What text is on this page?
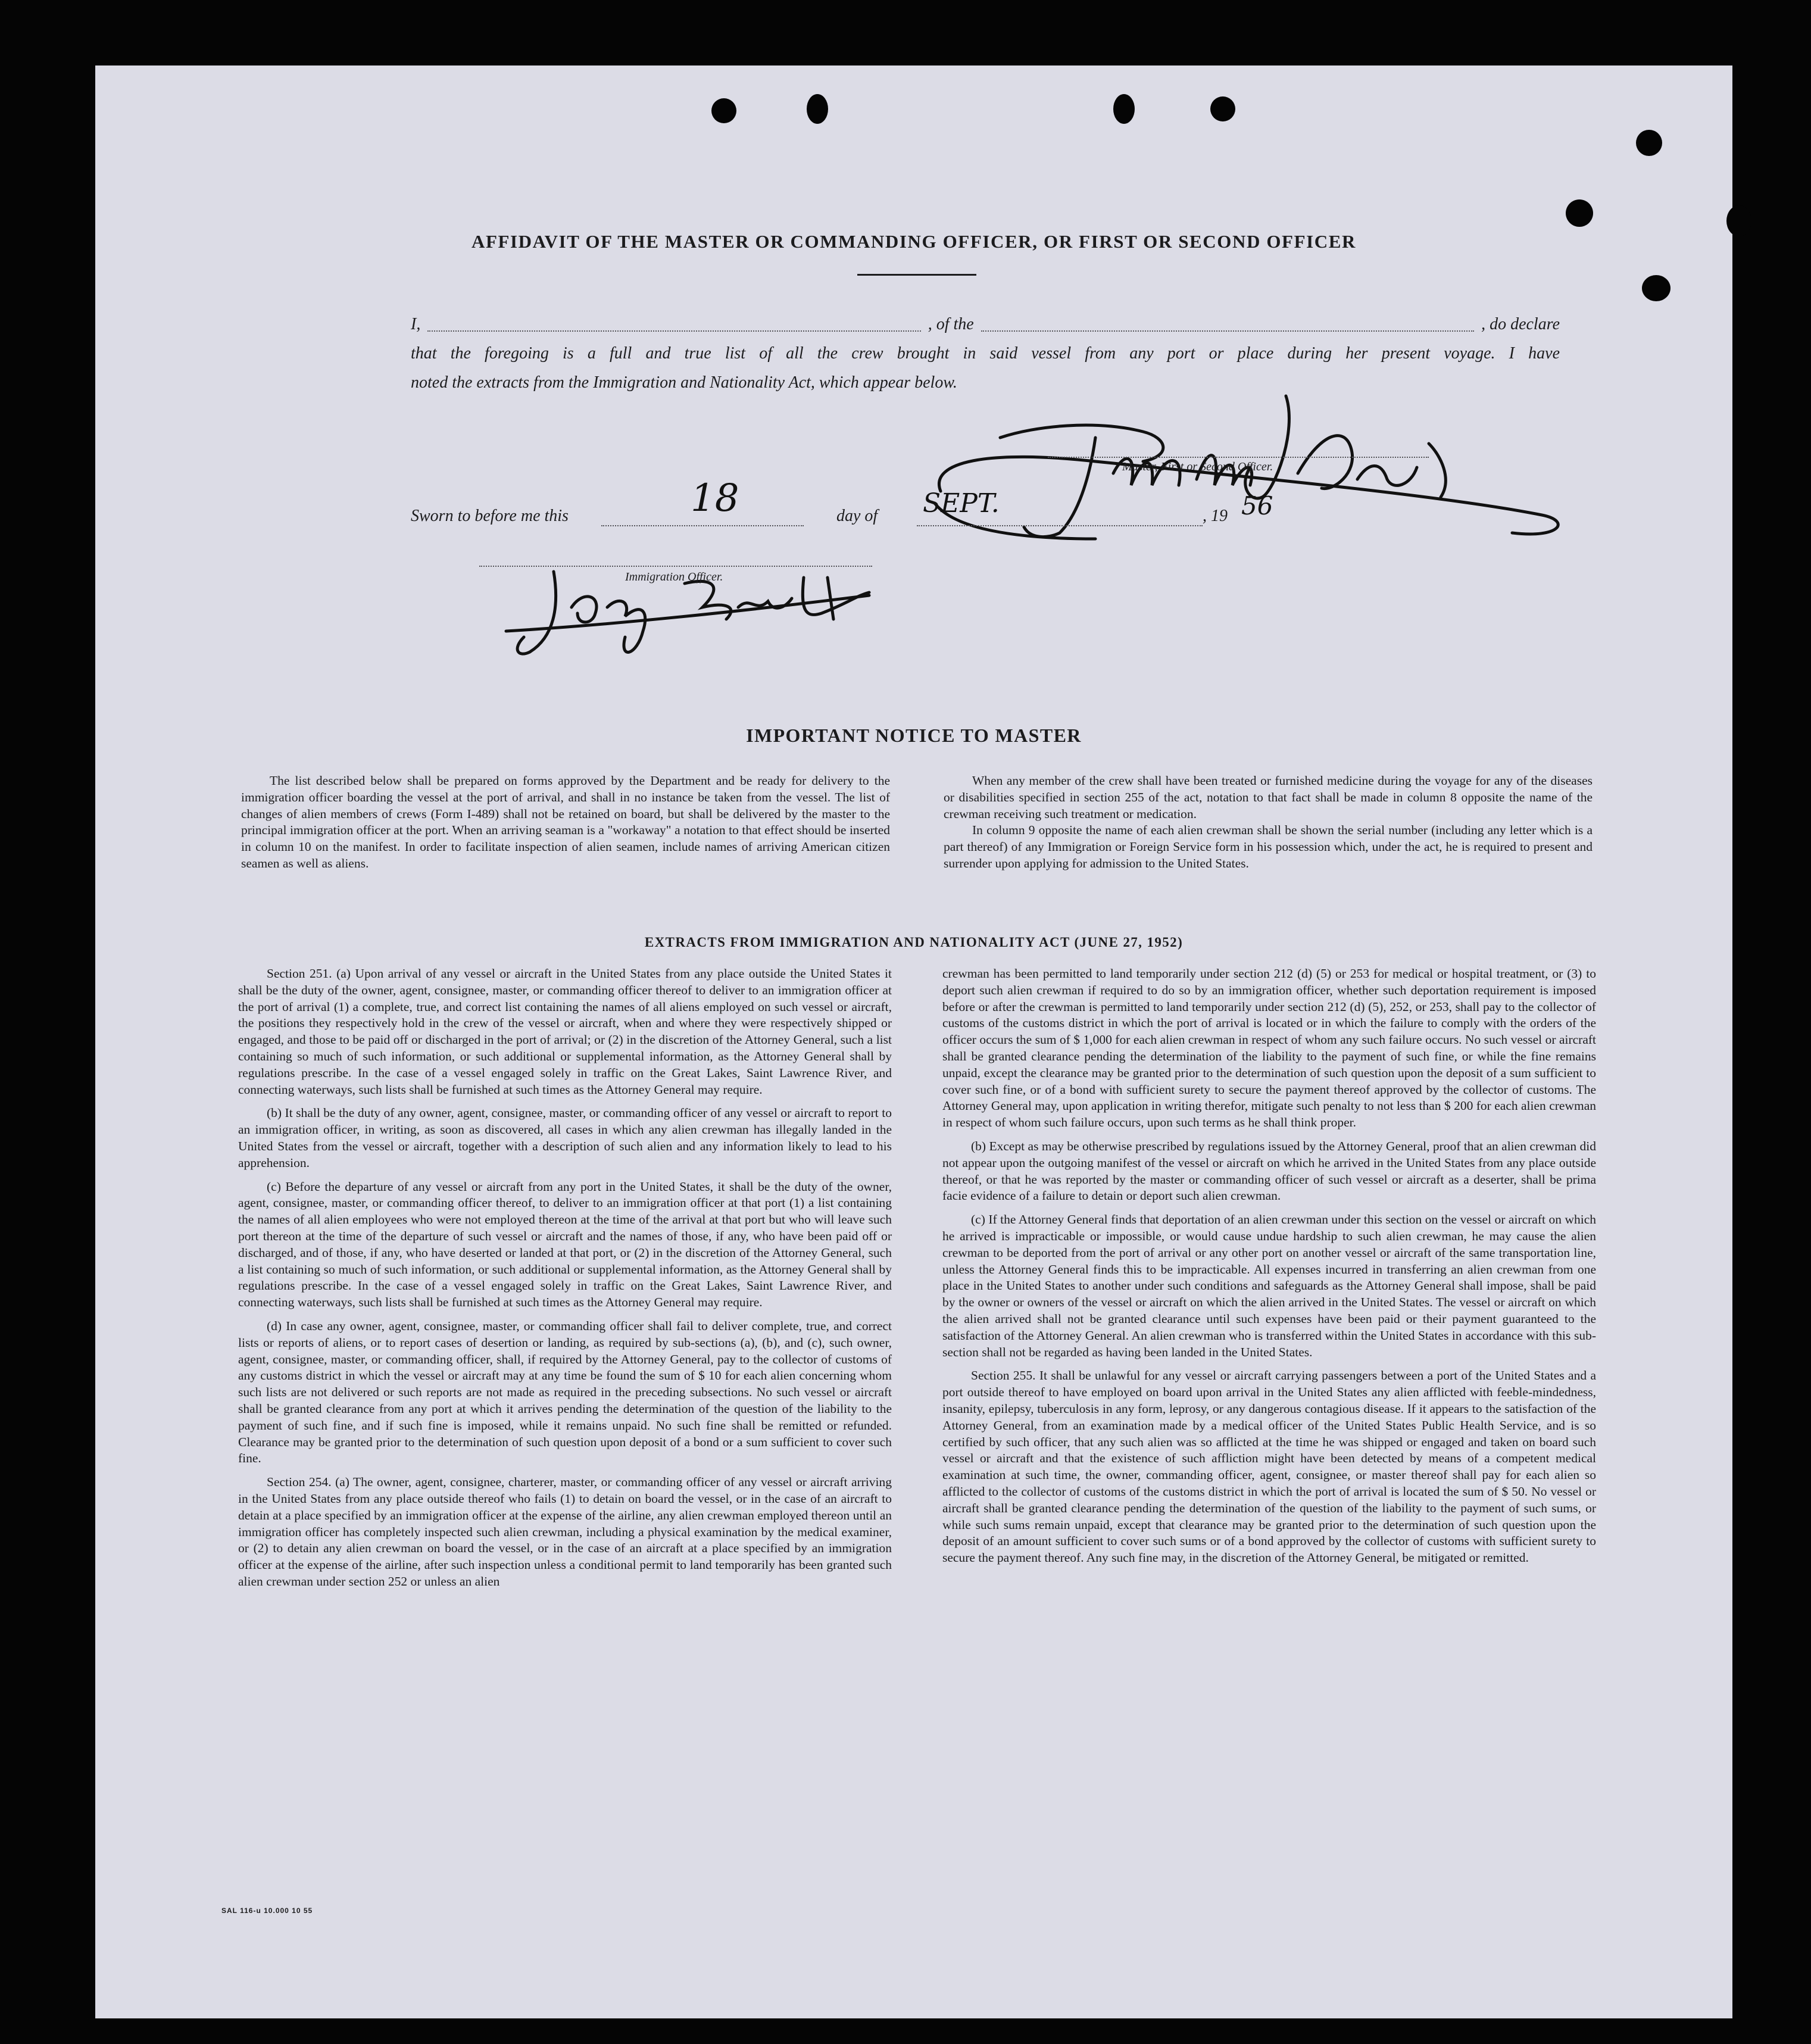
AFFIDAVIT OF THE MASTER OR COMMANDING OFFICER, OR FIRST OR SECOND OFFICER
I,	, of the	, do declare
that the foregoing is a full and true list of all the crew brought in said vessel from any port or place during her present voyage. I have
noted the extracts from the Immigration and Nationality Act, which appear below.
Master, First or Second Officer.
Sworn to before me this	18	day of SEPT.	, 19 56
Immigration Officer.
IMPORTANT NOTICE TO MASTER

The list described below shall be prepared on forms approved by the Department and be ready for delivery to the immigration officer boarding the vessel at the port of arrival, and shall in no instance be taken from the vessel. The list of changes of alien members of crews (Form I-489) shall not be retained on board, but shall be delivered by the master to the principal immigration officer at the port. When an arriving seaman is a "workaway" a notation to that effect should be inserted in column 10 on the manifest. In order to facilitate inspection of alien seamen, include names of arriving American citizen seamen as well as aliens.

When any member of the crew shall have been treated or furnished medicine during the voyage for any of the diseases or disabilities specified in section 255 of the act, notation to that fact shall be made in column 8 opposite the name of the crewman receiving such treatment or medication.

In column 9 opposite the name of each alien crewman shall be shown the serial number (including any letter which is a part thereof) of any Immigration or Foreign Service form in his possession which, under the act, he is required to present and surrender upon applying for admission to the United States.

EXTRACTS FROM IMMIGRATION AND NATIONALITY ACT (JUNE 27, 1952)

Section 251. (a) Upon arrival of any vessel or aircraft in the United States from any place outside the United States it shall be the duty of the owner, agent, consignee, master, or commanding officer thereof to deliver to an immigration officer at the port of arrival (1) a complete, true, and correct list containing the names of all aliens employed on such vessel or aircraft, the positions they respectively hold in the crew of the vessel or aircraft, when and where they were respectively shipped or engaged, and those to be paid off or discharged in the port of arrival; or (2) in the discretion of the Attorney General, such a list containing so much of such information, or such additional or supplemental information, as the Attorney General shall by regulations prescribe. In the case of a vessel engaged solely in traffic on the Great Lakes, Saint Lawrence River, and connecting waterways, such lists shall be furnished at such times as the Attorney General may require.

(b) It shall be the duty of any owner, agent, consignee, master, or commanding officer of any vessel or aircraft to report to an immigration officer, in writing, as soon as discovered, all cases in which any alien crewman has illegally landed in the United States from the vessel or aircraft, together with a description of such alien and any information likely to lead to his apprehension.

(c) Before the departure of any vessel or aircraft from any port in the United States, it shall be the duty of the owner, agent, consignee, master, or commanding officer thereof, to deliver to an immigration officer at that port (1) a list containing the names of all alien employees who were not employed thereon at the time of the arrival at that port but who will leave such port thereon at the time of the departure of such vessel or aircraft and the names of those, if any, who have been paid off or discharged, and of those, if any, who have deserted or landed at that port, or (2) in the discretion of the Attorney General, such a list containing so much of such information, or such additional or supplemental information, as the Attorney General shall by regulations prescribe. In the case of a vessel engaged solely in traffic on the Great Lakes, Saint Lawrence River, and connecting waterways, such lists shall be furnished at such times as the Attorney General may require.

(d) In case any owner, agent, consignee, master, or commanding officer shall fail to deliver complete, true, and correct lists or reports of aliens, or to report cases of desertion or landing, as required by sub-sections (a), (b), and (c), such owner, agent, consignee, master, or commanding officer, shall, if required by the Attorney General, pay to the collector of customs of any customs district in which the vessel or aircraft may at any time be found the sum of $ 10 for each alien concerning whom such lists are not delivered or such reports are not made as required in the preceding subsections. No such vessel or aircraft shall be granted clearance from any port at which it arrives pending the determination of the question of the liability to the payment of such fine, and if such fine is imposed, while it remains unpaid. No such fine shall be remitted or refunded. Clearance may be granted prior to the determination of such question upon deposit of a bond or a sum sufficient to cover such fine.

Section 254. (a) The owner, agent, consignee, charterer, master, or commanding officer of any vessel or aircraft arriving in the United States from any place outside thereof who fails (1) to detain on board the vessel, or in the case of an aircraft to detain at a place specified by an immigration officer at the expense of the airline, any alien crewman employed thereon until an immigration officer has completely inspected such alien crewman, including a physical examination by the medical examiner, or (2) to detain any alien crewman on board the vessel, or in the case of an aircraft at a place specified by an immigration officer at the expense of the airline, after such inspection unless a conditional permit to land temporarily has been granted such alien crewman under section 252 or unless an alien

crewman has been permitted to land temporarily under section 212 (d) (5) or 253 for medical or hospital treatment, or (3) to deport such alien crewman if required to do so by an immigration officer, whether such deportation requirement is imposed before or after the crewman is permitted to land temporarily under section 212 (d) (5), 252, or 253, shall pay to the collector of customs of the customs district in which the port of arrival is located or in which the failure to comply with the orders of the officer occurs the sum of $ 1,000 for each alien crewman in respect of whom any such failure occurs. No such vessel or aircraft shall be granted clearance pending the determination of the liability to the payment of such fine, or while the fine remains unpaid, except the clearance may be granted prior to the determination of such question upon the deposit of a sum sufficient to cover such fine, or of a bond with sufficient surety to secure the payment thereof approved by the collector of customs. The Attorney General may, upon application in writing therefor, mitigate such penalty to not less than $ 200 for each alien crewman in respect of whom such failure occurs, upon such terms as he shall think proper.

(b) Except as may be otherwise prescribed by regulations issued by the Attorney General, proof that an alien crewman did not appear upon the outgoing manifest of the vessel or aircraft on which he arrived in the United States from any place outside thereof, or that he was reported by the master or commanding officer of such vessel or aircraft as a deserter, shall be prima facie evidence of a failure to detain or deport such alien crewman.

(c) If the Attorney General finds that deportation of an alien crewman under this section on the vessel or aircraft on which he arrived is impracticable or impossible, or would cause undue hardship to such alien crewman, he may cause the alien crewman to be deported from the port of arrival or any other port on another vessel or aircraft of the same transportation line, unless the Attorney General finds this to be impracticable. All expenses incurred in transferring an alien crewman from one place in the United States to another under such conditions and safeguards as the Attorney General shall impose, shall be paid by the owner or owners of the vessel or aircraft on which the alien arrived in the United States. The vessel or aircraft on which the alien arrived shall not be granted clearance until such expenses have been paid or their payment guaranteed to the satisfaction of the Attorney General. An alien crewman who is transferred within the United States in accordance with this sub-section shall not be regarded as having been landed in the United States.

Section 255. It shall be unlawful for any vessel or aircraft carrying passengers between a port of the United States and a port outside thereof to have employed on board upon arrival in the United States any alien afflicted with feeble-mindedness, insanity, epilepsy, tuberculosis in any form, leprosy, or any dangerous contagious disease. If it appears to the satisfaction of the Attorney General, from an examination made by a medical officer of the United States Public Health Service, and is so certified by such officer, that any such alien was so afflicted at the time he was shipped or engaged and taken on board such vessel or aircraft and that the existence of such affliction might have been detected by means of a competent medical examination at such time, the owner, commanding officer, agent, consignee, or master thereof shall pay for each alien so afflicted to the collector of customs of the customs district in which the port of arrival is located the sum of $ 50. No vessel or aircraft shall be granted clearance pending the determination of the question of the liability to the payment of such sums, or while such sums remain unpaid, except that clearance may be granted prior to the determination of such question upon the deposit of an amount sufficient to cover such sums or of a bond approved by the collector of customs with sufficient surety to secure the payment thereof. Any such fine may, in the discretion of the Attorney General, be mitigated or remitted.

SAL 116-u 10.000 10 55
